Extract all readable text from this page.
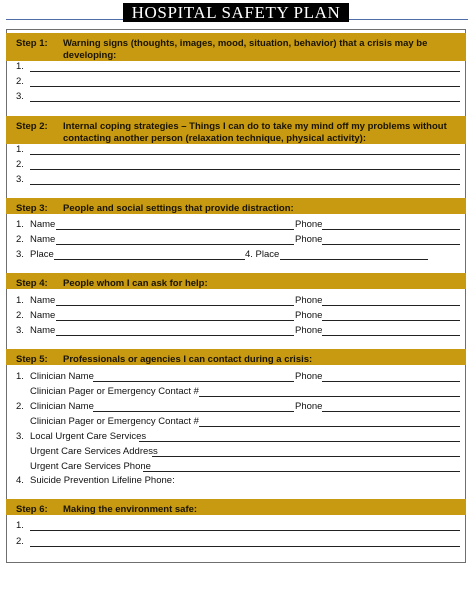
HOSPITAL SAFETY PLAN
Step 1: Warning signs (thoughts, images, mood, situation, behavior) that a crisis may be developing:
1.
2.
3.
Step 2: Internal coping strategies – Things I can do to take my mind off my problems without contacting another person (relaxation technique, physical activity):
1.
2.
3.
Step 3: People and social settings that provide distraction:
1. Name	Phone
2. Name	Phone
3. Place	4. Place
Step 4: People whom I can ask for help:
1. Name	Phone
2. Name	Phone
3. Name	Phone
Step 5: Professionals or agencies I can contact during a crisis:
1. Clinician Name	Phone
Clinician Pager or Emergency Contact #
2. Clinician Name	Phone
Clinician Pager or Emergency Contact #
3. Local Urgent Care Services
Urgent Care Services Address
Urgent Care Services Phone
4. Suicide Prevention Lifeline Phone:
Step 6: Making the environment safe:
1.
2.
